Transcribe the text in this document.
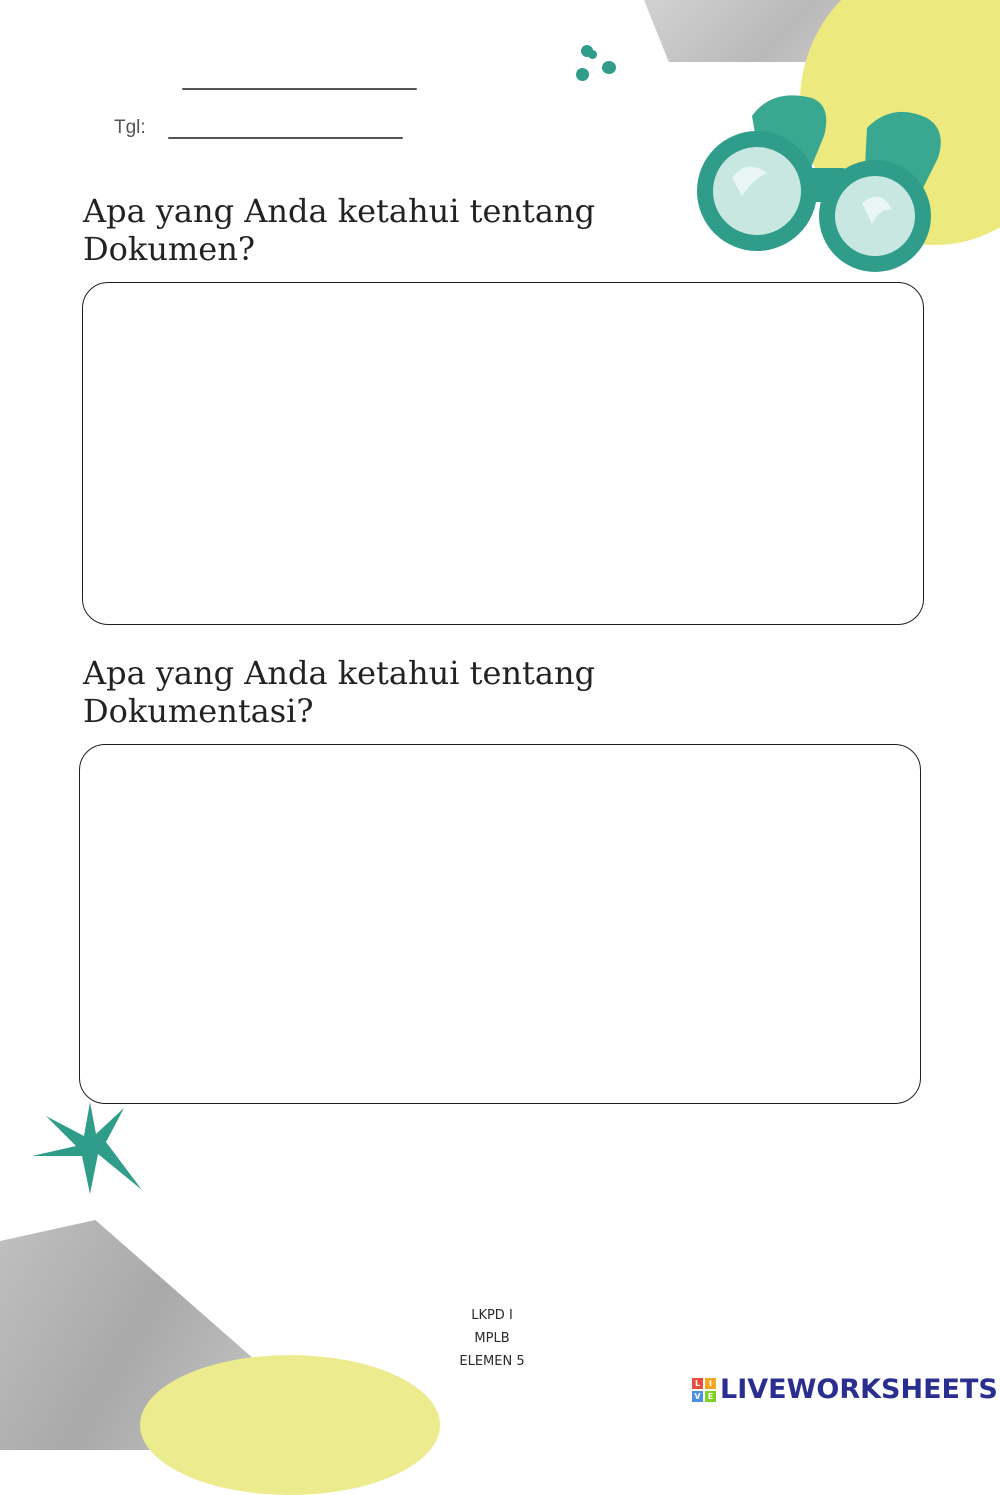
Tgl:
Apa yang Anda ketahui tentang
Dokumen?
Apa yang Anda ketahui tentang
Dokumentasi?
LKPD I
MPLB
ELEMEN 5
L	I
V E LIVEWORKSHEETS
